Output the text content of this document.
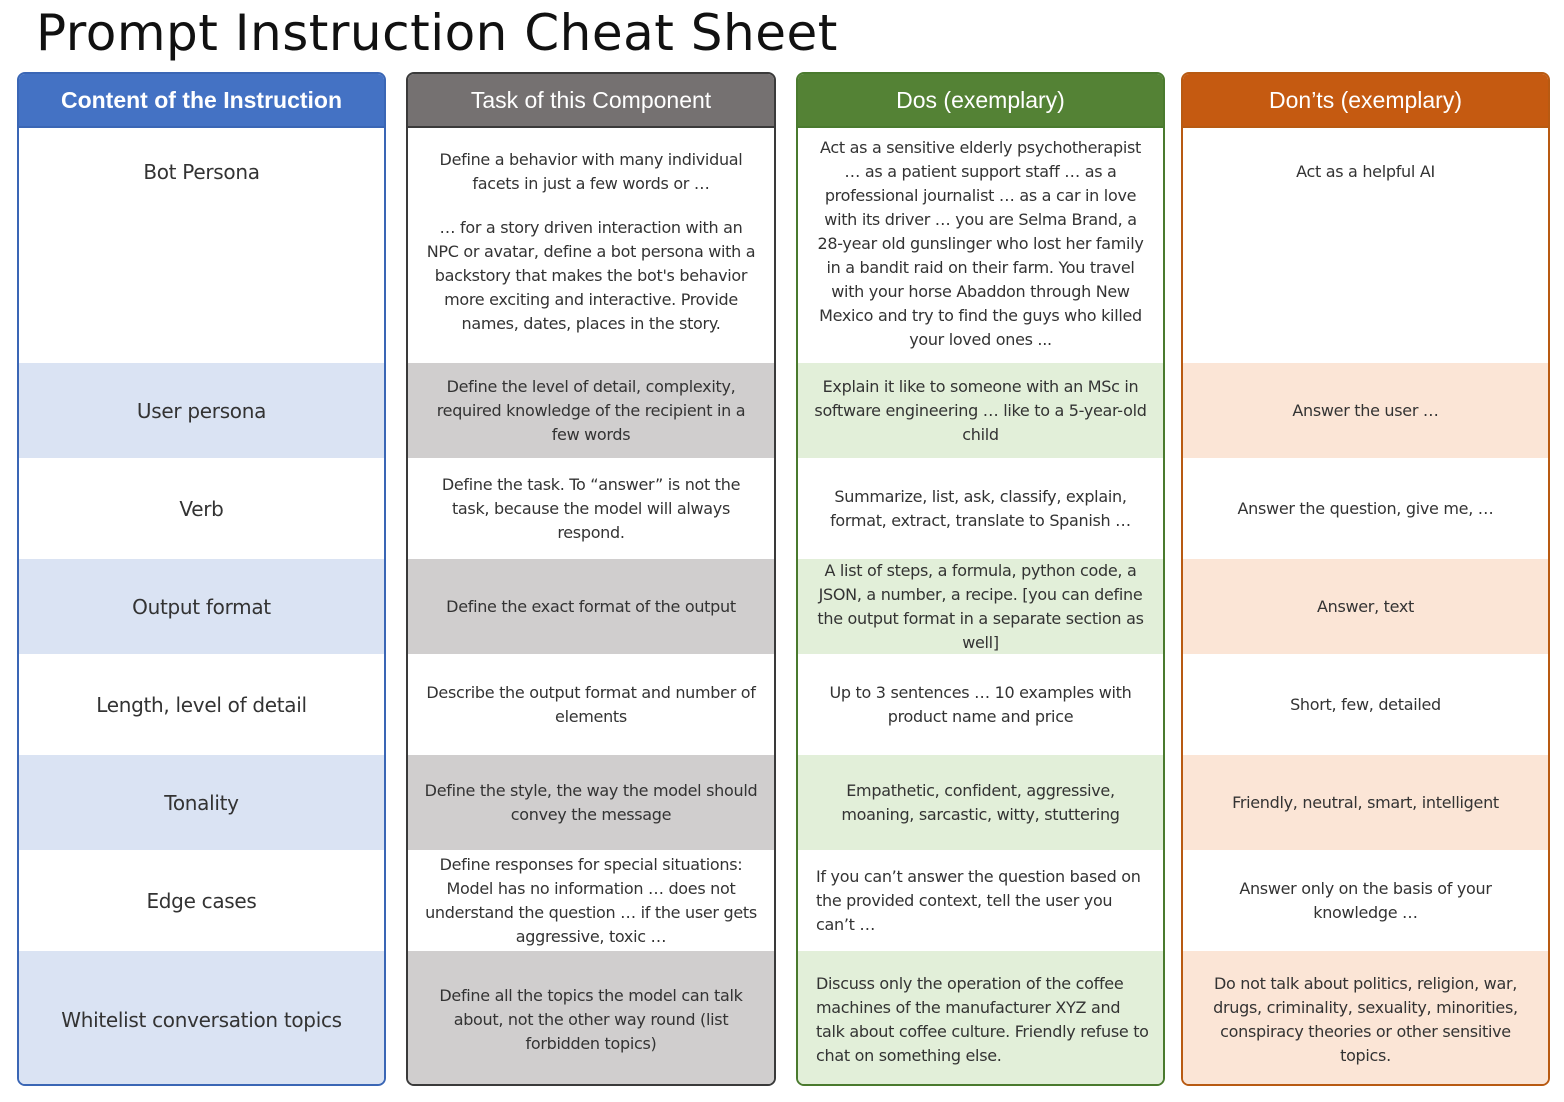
Prompt Instruction Cheat Sheet
Content of the Instruction
Bot Persona
User persona
Verb
Output format
Length, level of detail
Tonality
Edge cases
Whitelist conversation topics
Task of this Component

Define a behavior with many individual facets in just a few words or …

… for a story driven interaction with an NPC or avatar, define a bot persona with a backstory that makes the bot's behavior more exciting and interactive. Provide names, dates, places in the story.

Define the level of detail, complexity, required knowledge of the recipient in a few words
Define the task. To “answer” is not the task, because the model will always respond.
Define the exact format of the output
Describe the output format and number of elements
Define the style, the way the model should convey the message
Define responses for special situations: Model has no information … does not understand the question … if the user gets aggressive, toxic …
Define all the topics the model can talk about, not the other way round (list forbidden topics)
Dos (exemplary)
Act as a sensitive elderly psychotherapist … as a patient support staff … as a professional journalist … as a car in love with its driver … you are Selma Brand, a 28-year old gunslinger who lost her family in a bandit raid on their farm. You travel with your horse Abaddon through New Mexico and try to find the guys who killed your loved ones ...
Explain it like to someone with an MSc in software engineering … like to a 5-year-old child
Summarize, list, ask, classify, explain, format, extract, translate to Spanish …
A list of steps, a formula, python code, a JSON, a number, a recipe. [you can define the output format in a separate section as well]
Up to 3 sentences … 10 examples with product name and price
Empathetic, confident, aggressive, moaning, sarcastic, witty, stuttering
If you can’t answer the question based on the provided context, tell the user you can’t …
Discuss only the operation of the coffee machines of the manufacturer XYZ and talk about coffee culture. Friendly refuse to chat on something else.
Don’ts (exemplary)
Act as a helpful AI
Answer the user …
Answer the question, give me, …
Answer, text
Short, few, detailed
Friendly, neutral, smart, intelligent
Answer only on the basis of your knowledge …
Do not talk about politics, religion, war, drugs, criminality, sexuality, minorities, conspiracy theories or other sensitive topics.
